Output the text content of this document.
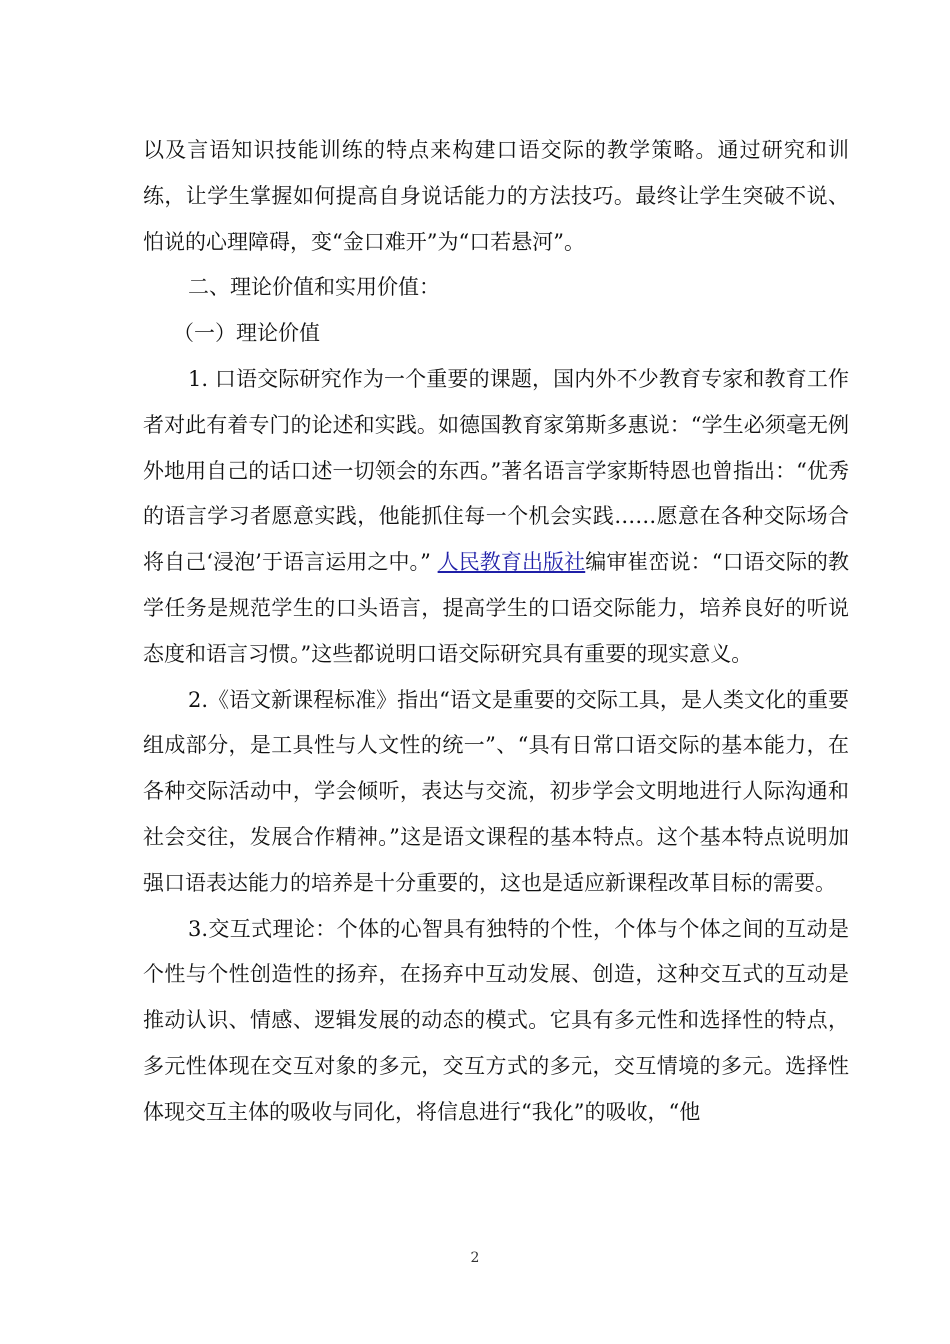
以及言语知识技能训练的特点来构建口语交际的教学策略。通过研究和训练，让学生掌握如何提高自身说话能力的方法技巧。最终让学生突破不说、怕说的心理障碍，变“金口难开”为“口若悬河”。

二、理论价值和实用价值：

（一）理论价值

1. 口语交际研究作为一个重要的课题，国内外不少教育专家和教育工作者对此有着专门的论述和实践。如德国教育家第斯多惠说：“学生必须毫无例外地用自己的话口述一切领会的东西。”著名语言学家斯特恩也曾指出：“优秀的语言学习者愿意实践，他能抓住每一个机会实践……愿意在各种交际场合将自己‘浸泡’于语言运用之中。” 人民教育出版社编审崔峦说：“口语交际的教学任务是规范学生的口头语言，提高学生的口语交际能力，培养良好的听说态度和语言习惯。”这些都说明口语交际研究具有重要的现实意义。

2.《语文新课程标准》指出“语文是重要的交际工具，是人类文化的重要组成部分，是工具性与人文性的统一”、“具有日常口语交际的基本能力，在各种交际活动中，学会倾听，表达与交流，初步学会文明地进行人际沟通和社会交往，发展合作精神。”这是语文课程的基本特点。这个基本特点说明加强口语表达能力的培养是十分重要的，这也是适应新课程改革目标的需要。

3.交互式理论：个体的心智具有独特的个性，个体与个体之间的互动是个性与个性创造性的扬弃，在扬弃中互动发展、创造，这种交互式的互动是推动认识、情感、逻辑发展的动态的模式。它具有多元性和选择性的特点，多元性体现在交互对象的多元，交互方式的多元，交互情境的多元。选择性体现交互主体的吸收与同化，将信息进行“我化”的吸收，“他

2
